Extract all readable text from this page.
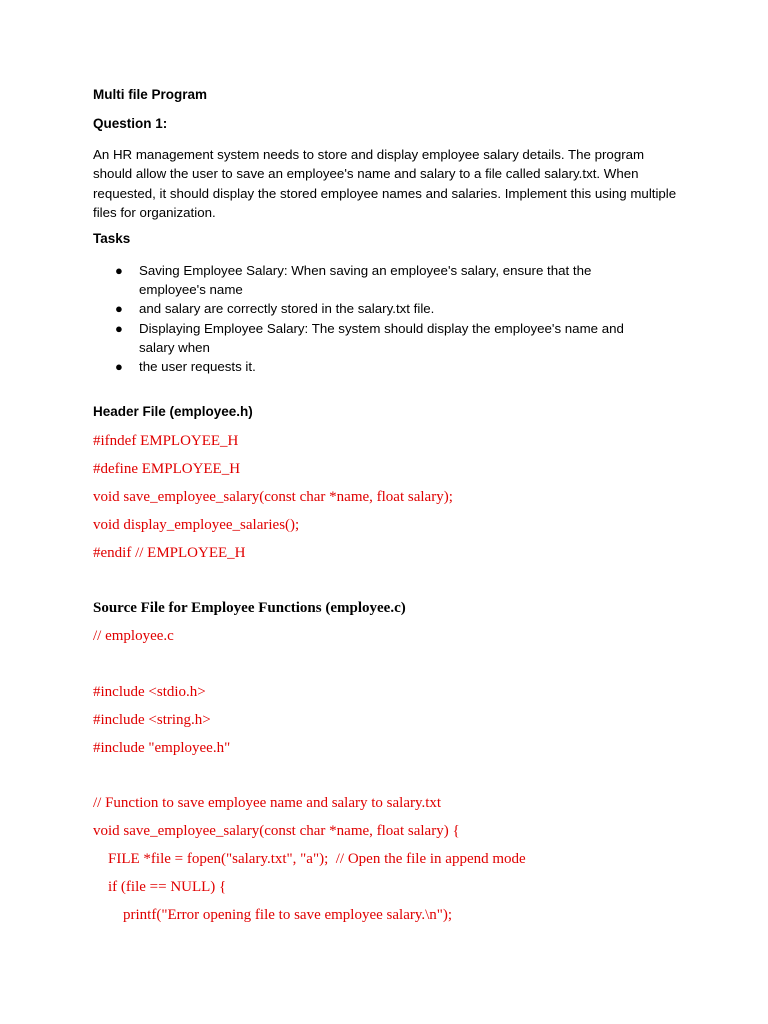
Multi file Program
Question 1:

An HR management system needs to store and display employee salary details. The program should allow the user to save an employee's name and salary to a file called salary.txt. When requested, it should display the stored employee names and salaries. Implement this using multiple files for organization.

Tasks
● Saving Employee Salary: When saving an employee's salary, ensure that the employee's name
● and salary are correctly stored in the salary.txt file.
● Displaying Employee Salary: The system should display the employee's name and salary when
● the user requests it.
Header File (employee.h)

#ifndef EMPLOYEE_H

#define EMPLOYEE_H

void save_employee_salary(const char *name, float salary);

void display_employee_salaries();

#endif // EMPLOYEE_H

Source File for Employee Functions (employee.c)

// employee.c

#include <stdio.h>

#include <string.h>

#include "employee.h"

// Function to save employee name and salary to salary.txt

void save_employee_salary(const char *name, float salary) {

FILE *file = fopen("salary.txt", "a");  // Open the file in append mode

if (file == NULL) {

printf("Error opening file to save employee salary.\n");
